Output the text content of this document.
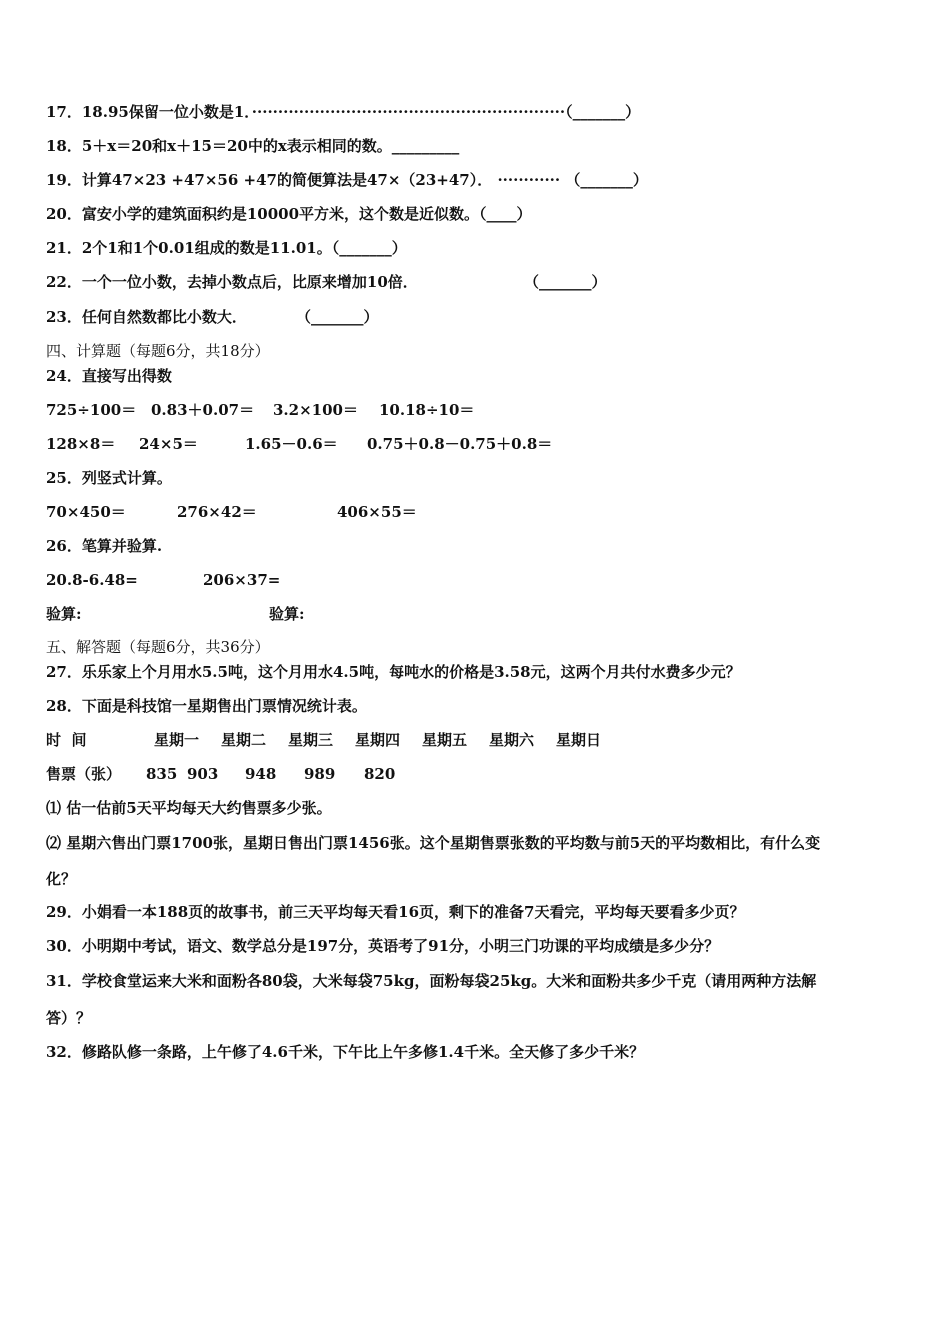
17．18.95保留一位小数是1．····························································（_______）
18．5＋x＝20和x＋15＝20中的x表示相同的数。_________
19．计算47×23 +47×56 +47的简便算法是47×（23+47）． ············ （_______）
20．富安小学的建筑面积约是10000平方米，这个数是近似数。（____）
21．2个1和1个0.01组成的数是11.01。（_______）
22．一个一位小数，去掉小数点后，比原来增加10倍．	（_______）
23．任何自然数都比小数大．	（_______）
四、计算题（每题6分，共18分）
24．直接写出得数
725÷100＝ 0.83＋0.07＝ 3.2×100＝ 10.18÷10＝
128×8＝ 24×5＝	1.65－0.6＝ 0.75＋0.8－0.75＋0.8＝
25．列竖式计算。
70×450＝	276×42＝	406×55＝
26．笔算并验算.
20.8-6.48=	206×37=
验算:	验算:
五、解答题（每题6分，共36分）
27．乐乐家上个月用水5.5吨，这个月用水4.5吨，每吨水的价格是3.58元，这两个月共付水费多少元？
28．下面是科技馆一星期售出门票情况统计表。
时  间	星期一 星期二 星期三 星期四 星期五 星期六 星期日
售票（张） 835 903 948 989 820
⑴ 估一估前5天平均每天大约售票多少张。
⑵ 星期六售出门票1700张，星期日售出门票1456张。这个星期售票张数的平均数与前5天的平均数相比，有什么变
化？
29．小娟看一本188页的故事书，前三天平均每天看16页，剩下的准备7天看完，平均每天要看多少页？
30．小明期中考试，语文、数学总分是197分，英语考了91分，小明三门功课的平均成绩是多少分？
31．学校食堂运来大米和面粉各80袋，大米每袋75kg，面粉每袋25kg。大米和面粉共多少千克（请用两种方法解
答）？
32．修路队修一条路，上午修了4.6千米，下午比上午多修1.4千米。全天修了多少千米？
